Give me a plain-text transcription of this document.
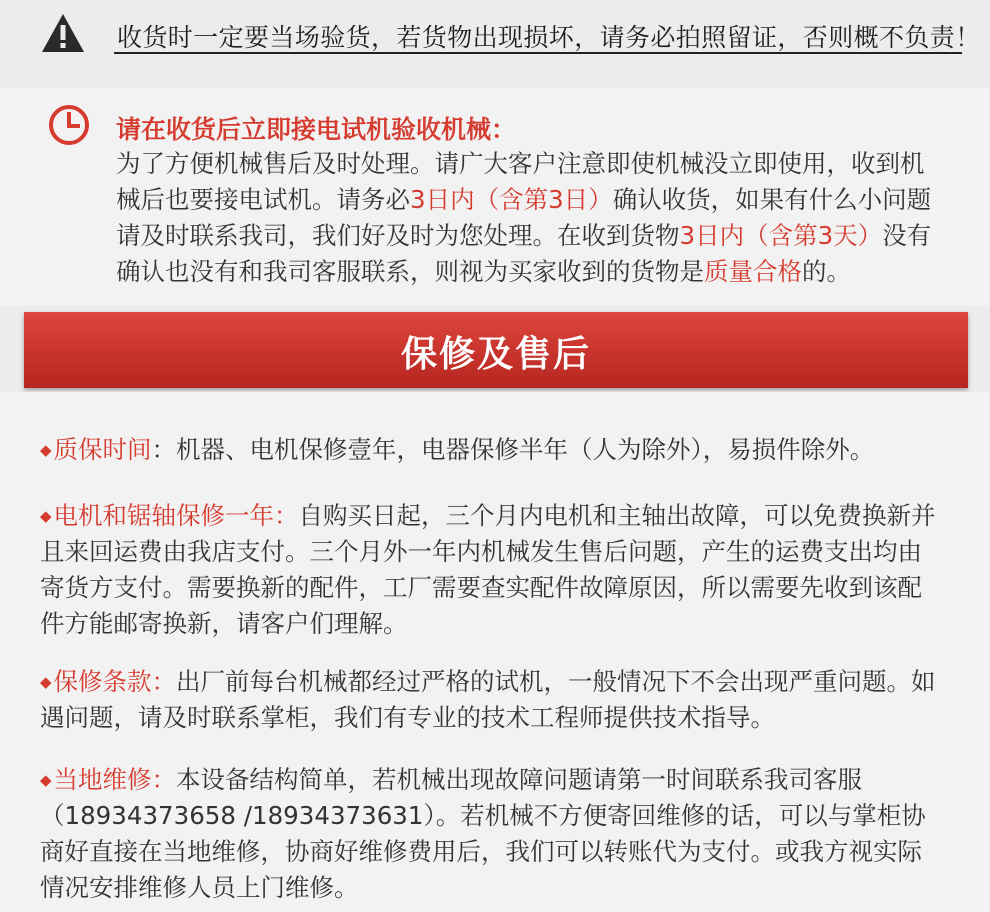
收货时一定要当场验货，若货物出现损坏，请务必拍照留证，否则概不负责！
请在收货后立即接电试机验收机械：
为了方便机械售后及时处理。请广大客户注意即使机械没立即使用，收到机械后也要接电试机。请务必3日内（含第3日）确认收货，如果有什么小问题请及时联系我司，我们好及时为您处理。在收到货物3日内（含第3天）没有确认也没有和我司客服联系，则视为买家收到的货物是质量合格的。
保修及售后
◆质保时间：机器、电机保修壹年，电器保修半年（人为除外），易损件除外。
◆电机和锯轴保修一年：自购买日起，三个月内电机和主轴出故障，可以免费换新并且来回运费由我店支付。三个月外一年内机械发生售后问题，产生的运费支出均由寄货方支付。需要换新的配件，工厂需要查实配件故障原因，所以需要先收到该配件方能邮寄换新，请客户们理解。
◆保修条款：出厂前每台机械都经过严格的试机，一般情况下不会出现严重问题。如遇问题，请及时联系掌柜，我们有专业的技术工程师提供技术指导。
◆当地维修：本设备结构简单，若机械出现故障问题请第一时间联系我司客服（18934373658 /18934373631）。若机械不方便寄回维修的话，可以与掌柜协商好直接在当地维修，协商好维修费用后，我们可以转账代为支付。或我方视实际情况安排维修人员上门维修。
